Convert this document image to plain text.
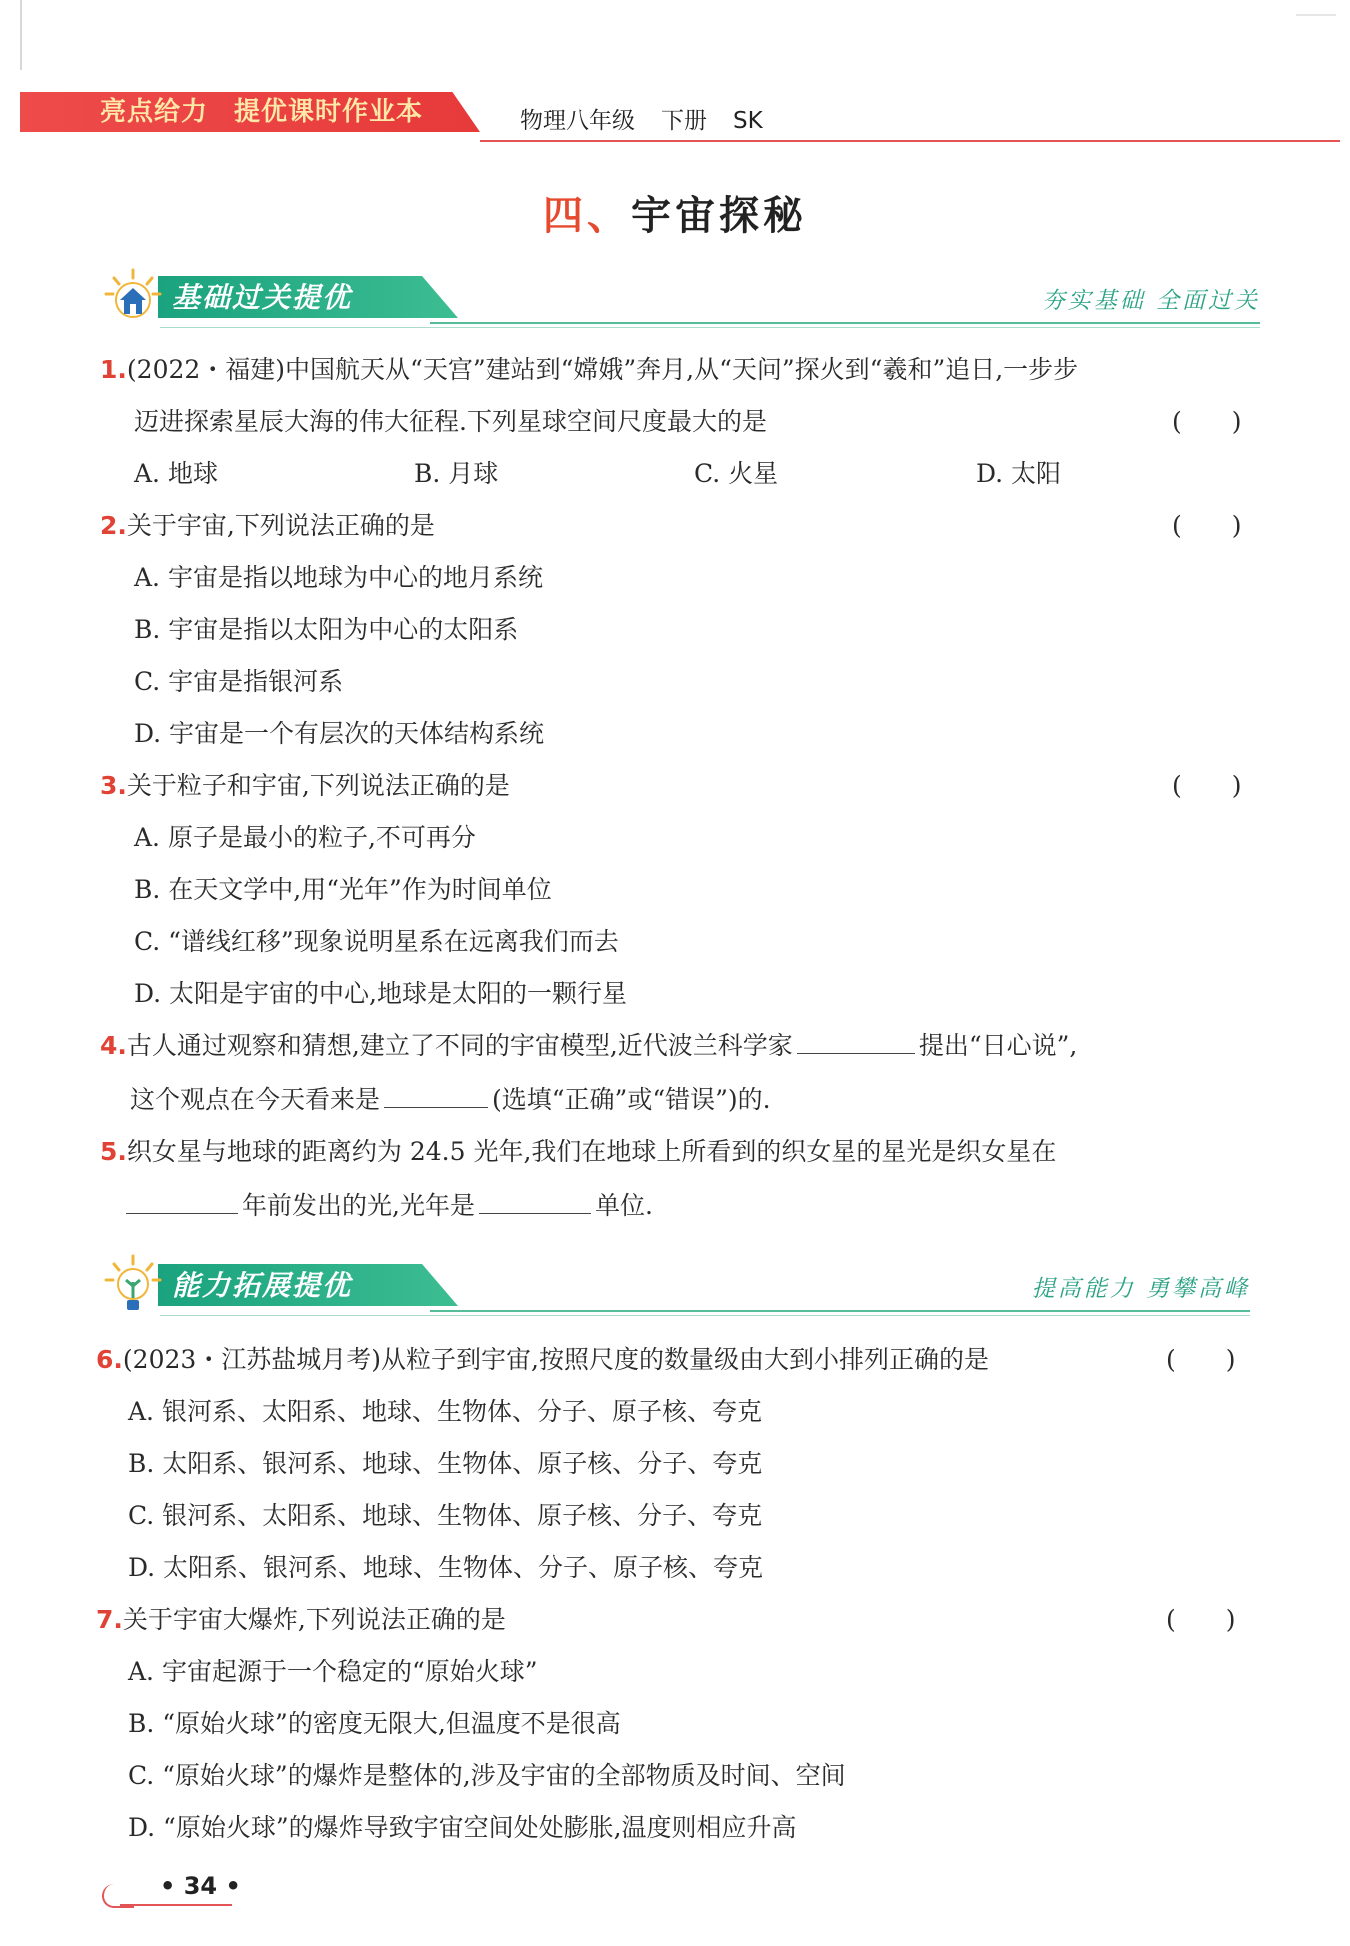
亮点给力 提优课时作业本	物理八年级 下册 SK
四、宇宙探秘
基础过关提优	夯实基础 全面过关
1.(2022・福建)中国航天从“天宫”建站到“嫦娥”奔月,从“天问”探火到“羲和”追日,一步步
迈进探索星辰大海的伟大征程.下列星球空间尺度最大的是	(　　)
A. 地球	B. 月球	C. 火星	D. 太阳
2.关于宇宙,下列说法正确的是	(　　)
A. 宇宙是指以地球为中心的地月系统
B. 宇宙是指以太阳为中心的太阳系
C. 宇宙是指银河系
D. 宇宙是一个有层次的天体结构系统
3.关于粒子和宇宙,下列说法正确的是	(　　)
A. 原子是最小的粒子,不可再分
B. 在天文学中,用“光年”作为时间单位
C. “谱线红移”现象说明星系在远离我们而去
D. 太阳是宇宙的中心,地球是太阳的一颗行星
4.古人通过观察和猜想,建立了不同的宇宙模型,近代波兰科学家	提出“日心说”,
这个观点在今天看来是	(选填“正确”或“错误”)的.
5.织女星与地球的距离约为 24.5 光年,我们在地球上所看到的织女星的星光是织女星在
年前发出的光,光年是	单位.
能力拓展提优	提高能力 勇攀高峰
6.(2023・江苏盐城月考)从粒子到宇宙,按照尺度的数量级由大到小排列正确的是	(　　)
A. 银河系、太阳系、地球、生物体、分子、原子核、夸克
B. 太阳系、银河系、地球、生物体、原子核、分子、夸克
C. 银河系、太阳系、地球、生物体、原子核、分子、夸克
D. 太阳系、银河系、地球、生物体、分子、原子核、夸克
7.关于宇宙大爆炸,下列说法正确的是	(　　)
A. 宇宙起源于一个稳定的“原始火球”
B. “原始火球”的密度无限大,但温度不是很高
C. “原始火球”的爆炸是整体的,涉及宇宙的全部物质及时间、空间
D. “原始火球”的爆炸导致宇宙空间处处膨胀,温度则相应升高
• 34 •
